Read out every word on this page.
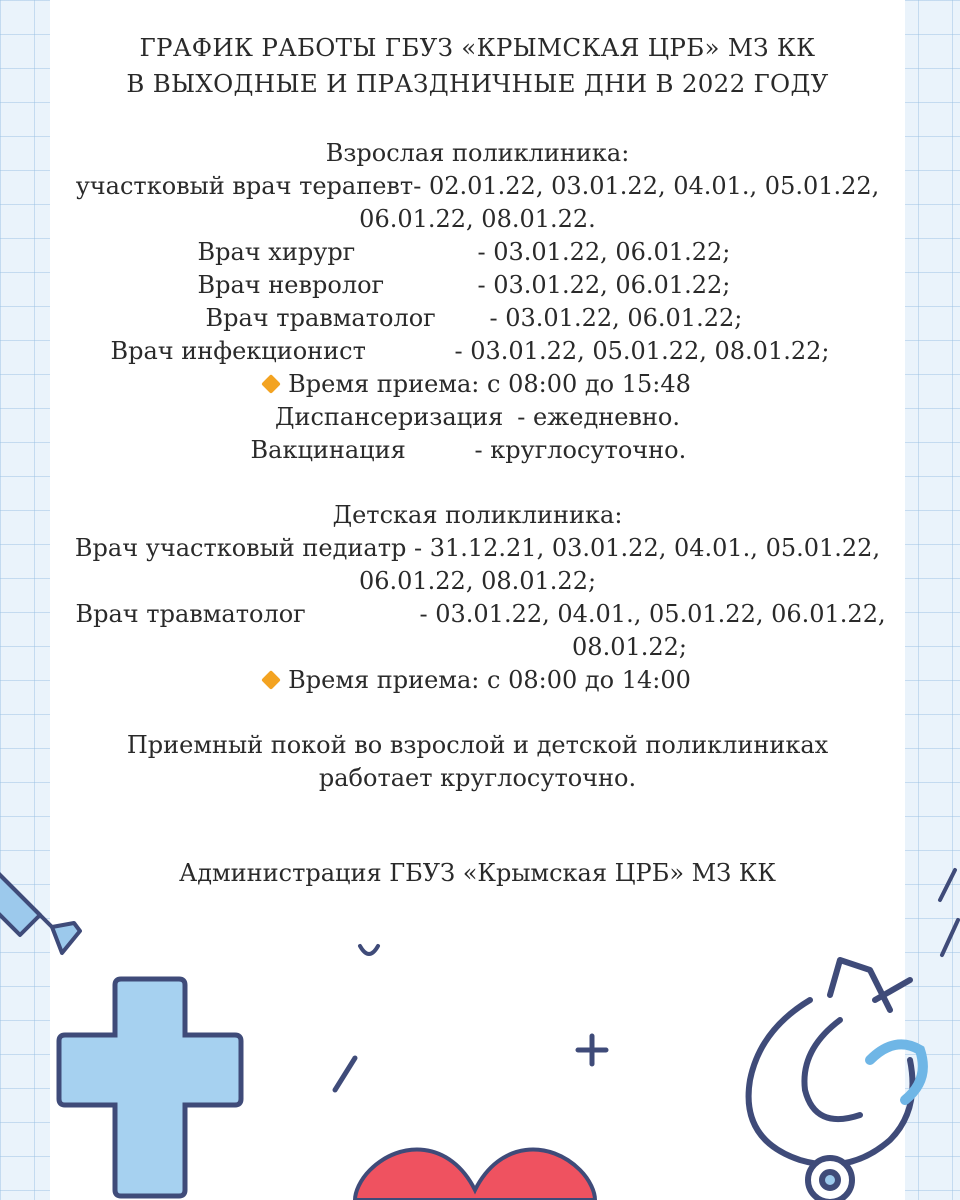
ГРАФИК РАБОТЫ ГБУЗ «КРЫМСКАЯ ЦРБ» МЗ КК
В ВЫХОДНЫЕ И ПРАЗДНИЧНЫЕ ДНИ В 2022 ГОДУ
Взрослая поликлиника:
участковый врач терапевт- 02.01.22, 03.01.22, 04.01., 05.01.22,
06.01.22, 08.01.22.
Врач хирург	- 03.01.22, 06.01.22;
Врач невролог	- 03.01.22, 06.01.22;
Врач травматолог	- 03.01.22, 06.01.22;
Врач инфекционист	- 03.01.22, 05.01.22, 08.01.22;
Время приема: с 08:00 до 15:48
Диспансеризация - ежедневно.
Вакцинация	- круглосуточно.
Детская поликлиника:
Врач участковый педиатр - 31.12.21, 03.01.22, 04.01., 05.01.22,
06.01.22, 08.01.22;
Врач травматолог	- 03.01.22, 04.01., 05.01.22, 06.01.22,
08.01.22;
Время приема: с 08:00 до 14:00
Приемный покой во взрослой и детской поликлиниках
работает круглосуточно.
Администрация ГБУЗ «Крымская ЦРБ» МЗ КК
